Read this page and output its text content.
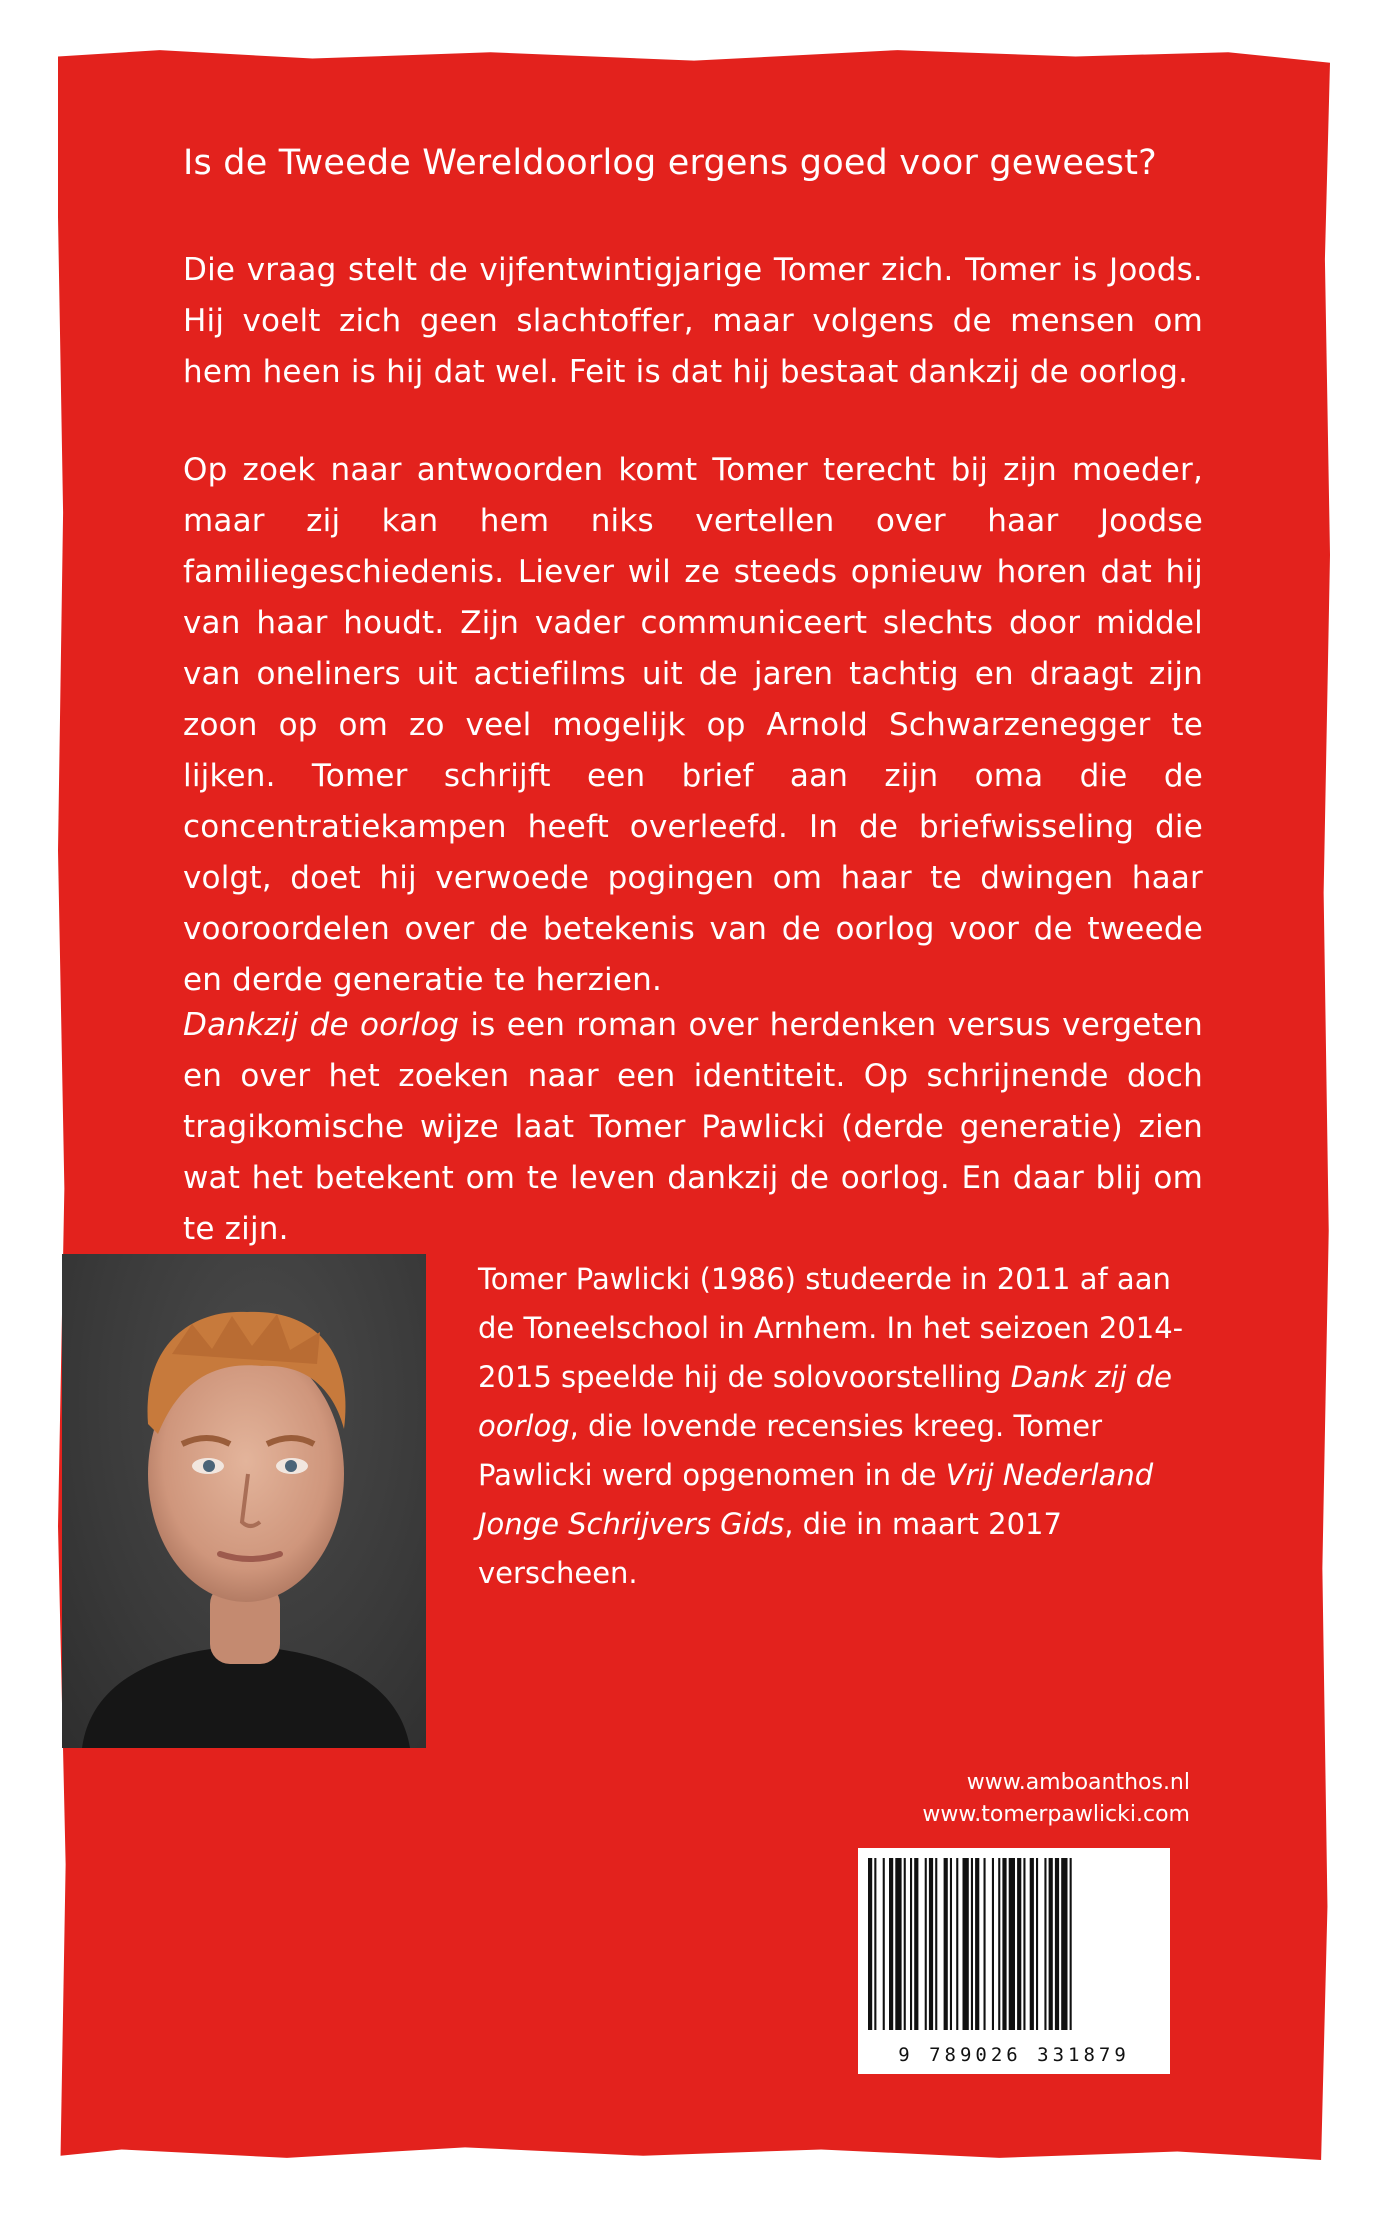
Is de Tweede Wereldoorlog ergens goed voor geweest?

Die vraag stelt de vijfentwintigjarige Tomer zich. Tomer is Joods. Hij voelt zich geen slachtoffer, maar volgens de mensen om hem heen is hij dat wel. Feit is dat hij bestaat dankzij de oorlog.

Op zoek naar antwoorden komt Tomer terecht bij zijn moeder, maar zij kan hem niks vertellen over haar Joodse familiegeschiedenis. Liever wil ze steeds opnieuw horen dat hij van haar houdt. Zijn vader communiceert slechts door middel van oneliners uit actiefilms uit de jaren tachtig en draagt zijn zoon op om zo veel mogelijk op Arnold Schwarzenegger te lijken. Tomer schrijft een brief aan zijn oma die de concentratiekampen heeft overleefd. In de briefwisseling die volgt, doet hij verwoede pogingen om haar te dwingen haar vooroordelen over de betekenis van de oorlog voor de tweede en derde generatie te herzien.

Dankzij de oorlog is een roman over herdenken versus vergeten en over het zoeken naar een identiteit. Op schrijnende doch tragikomische wijze laat Tomer Pawlicki (derde generatie) zien wat het betekent om te leven dankzij de oorlog. En daar blij om te zijn.

Tomer Pawlicki (1986) studeerde in 2011 af aan de Toneelschool in Arnhem. In het seizoen 2014-2015 speelde hij de solovoorstelling Dank zij de oorlog, die lovende recensies kreeg. Tomer Pawlicki werd opgenomen in de Vrij Nederland Jonge Schrijvers Gids, die in maart 2017 verscheen.

www.amboanthos.nl
www.tomerpawlicki.com
9 789026 331879
